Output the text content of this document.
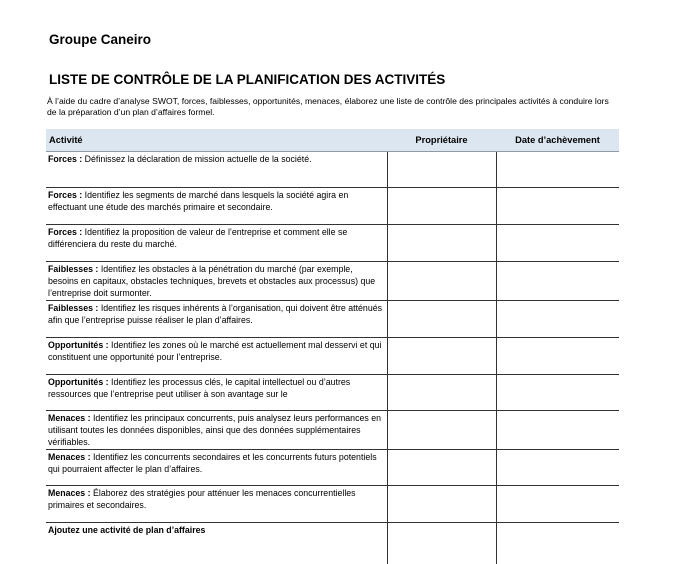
Groupe Caneiro
LISTE DE CONTRÔLE DE LA PLANIFICATION DES ACTIVITÉS
À l’aide du cadre d’analyse SWOT, forces, faiblesses, opportunités, menaces, élaborez une liste de contrôle des principales activités à conduire lors de la préparation d’un plan d’affaires formel.
Activité	Propriétaire	Date d’achèvement
Forces : Définissez la déclaration de mission actuelle de la société.		
Forces : Identifiez les segments de marché dans lesquels la société agira en effectuant une étude des marchés primaire et secondaire.		
Forces : Identifiez la proposition de valeur de l’entreprise et comment elle se différenciera du reste du marché.		
Faiblesses : Identifiez les obstacles à la pénétration du marché (par exemple, besoins en capitaux, obstacles techniques, brevets et obstacles aux processus) que l’entreprise doit surmonter.		
Faiblesses : Identifiez les risques inhérents à l’organisation, qui doivent être atténués afin que l’entreprise puisse réaliser le plan d’affaires.		
Opportunités : Identifiez les zones où le marché est actuellement mal desservi et qui constituent une opportunité pour l’entreprise.		
Opportunités : Identifiez les processus clés, le capital intellectuel ou d’autres ressources que l’entreprise peut utiliser à son avantage sur le		
Menaces : Identifiez les principaux concurrents, puis analysez leurs performances en utilisant toutes les données disponibles, ainsi que des données supplémentaires vérifiables.		
Menaces : Identifiez les concurrents secondaires et les concurrents futurs potentiels qui pourraient affecter le plan d’affaires.		
Menaces : Élaborez des stratégies pour atténuer les menaces concurrentielles primaires et secondaires.		
Ajoutez une activité de plan d’affaires		
